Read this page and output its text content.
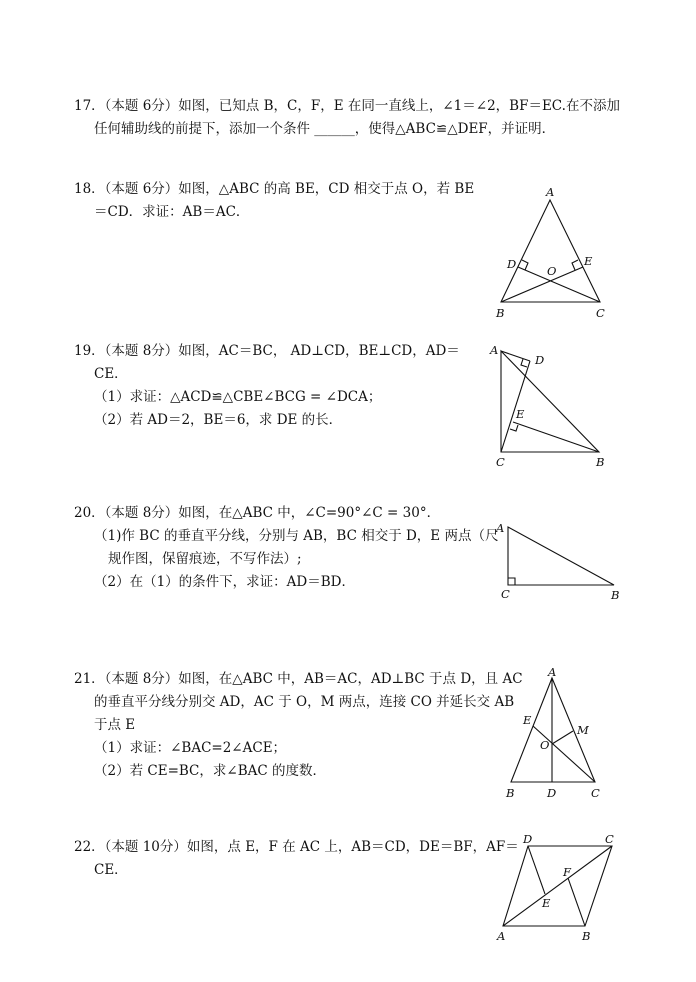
17．（本题 6分）如图，已知点 B，C，F，E 在同一直线上，∠1＝∠2，BF＝EC.在不添加
任何辅助线的前提下，添加一个条件 ______，使得△ABC≌△DEF，并证明．
18．（本题 6分）如图，△ABC 的高 BE，CD 相交于点 O，若 BE
＝CD．求证：AB＝AC．
A
B	C
D	E
O
19．（本题 8分）如图，AC＝BC， AD⊥CD，BE⊥CD，AD＝
CE．
（1）求证：△ACD≌△CBE∠BCG = ∠DCA；
（2）若 AD＝2，BE＝6，求 DE 的长．
A
D
E
C	B
20．（本题 8分）如图，在△ABC 中，∠C=90°∠C = 30°．
（1)作 BC 的垂直平分线，分别与 AB，BC 相交于 D，E 两点（尺
规作图，保留痕迹，不写作法）;
（2）在（1）的条件下，求证：AD＝BD．
A
C	B
21．（本题 8分）如图，在△ABC 中，AB＝AC，AD⊥BC 于点 D，且 AC
的垂直平分线分别交 AD，AC 于 O，M 两点，连接 CO 并延长交 AB
于点 E
（1）求证：∠BAC=2∠ACE；
（2）若 CE=BC，求∠BAC 的度数．
A
E
M
O
B	D	C
22．（本题 10分）如图，点 E，F 在 AC 上，AB＝CD，DE＝BF，AF＝
CE．
D	C
F
E
A	B
